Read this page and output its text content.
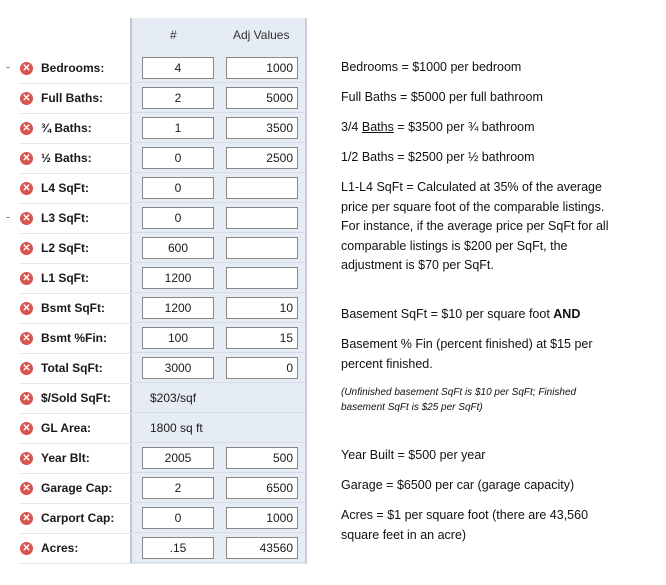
#	Adj Values
✕ Bedrooms:	4	1000
✕ Full Baths:	2	5000
✕ ¾ Baths:	1	3500
✕ ½ Baths:	0	2500
✕ L4 SqFt:	0
✕ L3 SqFt:	0
✕ L2 SqFt:	600
✕ L1 SqFt:	1200
✕ Bsmt SqFt:	1200	10
✕ Bsmt %Fin:	100	15
✕ Total SqFt:	3000	0
✕ $/Sold SqFt:	$203/sqf
✕ GL Area:	1800 sq ft
✕ Year Blt:	2005	500
✕ Garage Cap:	2	6500
✕ Carport Cap:	0	1000
✕ Acres:	.15	43560
Bedrooms = $1000 per bedroom
Full Baths = $5000 per full bathroom
3/4 Baths = $3500 per ¾ bathroom
1/2 Baths = $2500 per ½ bathroom
L1-L4 SqFt = Calculated at 35% of the average
price per square foot of the comparable listings.
For instance, if the average price per SqFt for all
comparable listings is $200 per SqFt, the
adjustment is $70 per SqFt.
Basement SqFt = $10 per square foot AND
Basement % Fin (percent finished) at $15 per
percent finished.
(Unfinished basement SqFt is $10 per SqFt; Finished
basement SqFt is $25 per SqFt)
Year Built = $500 per year
Garage = $6500 per car (garage capacity)
Acres = $1 per square foot (there are 43,560
square feet in an acre)
